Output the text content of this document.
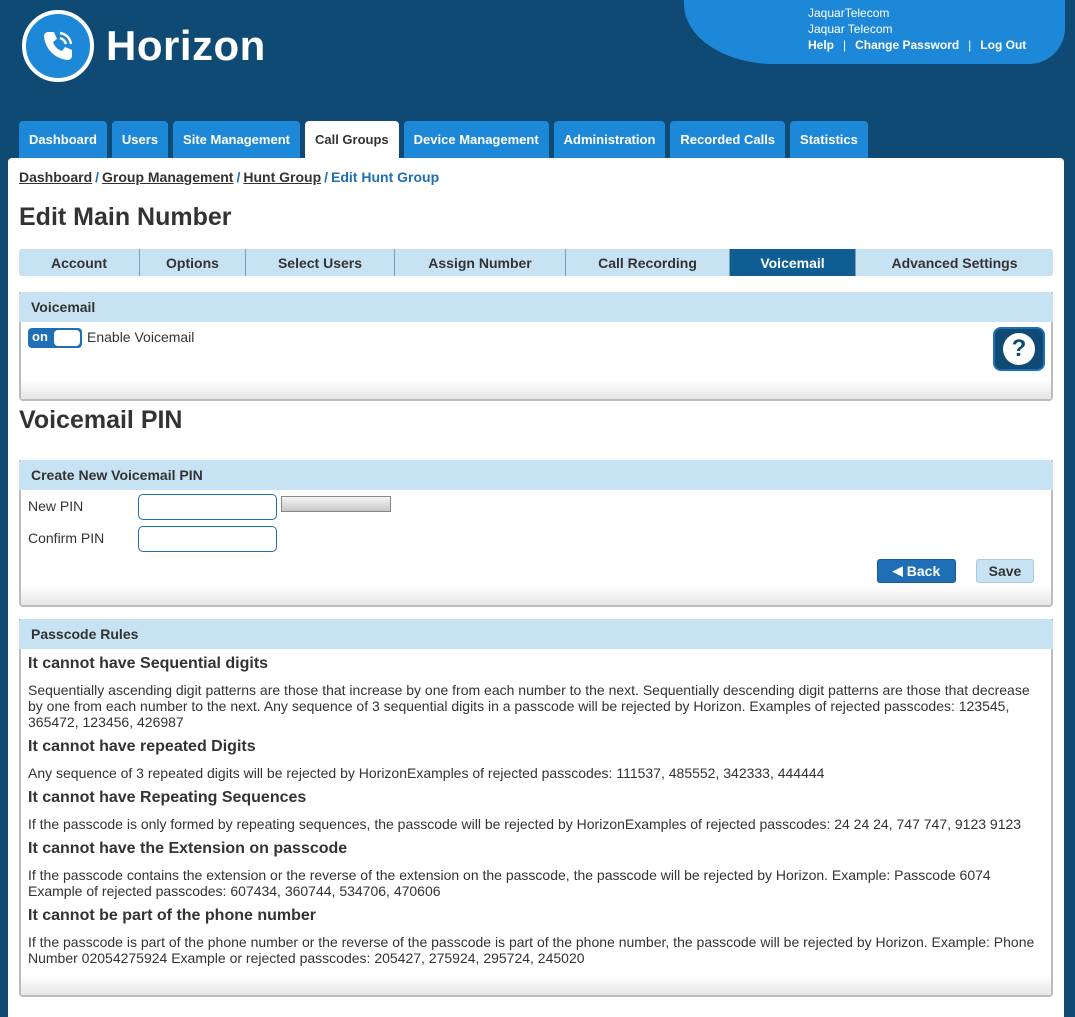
Horizon
JaquarTelecom
Jaquar Telecom
Help | Change Password | Log Out
Dashboard	Users	Site Management	Call Groups	Device Management	Administration	Recorded Calls	Statistics
Dashboard / Group Management / Hunt Group / Edit Hunt Group
Edit Main Number
Account	Options	Select Users	Assign Number	Call Recording	Voicemail	Advanced Settings
Voicemail
on	Enable Voicemail	?
Voicemail PIN
Create New Voicemail PIN
New PIN
Confirm PIN
◀ Back	Save
Passcode Rules
It cannot have Sequential digits
Sequentially ascending digit patterns are those that increase by one from each number to the next. Sequentially descending digit patterns are those that decrease by one from each number to the next. Any sequence of 3 sequential digits in a passcode will be rejected by Horizon. Examples of rejected passcodes: 123545, 365472, 123456, 426987
It cannot have repeated Digits
Any sequence of 3 repeated digits will be rejected by HorizonExamples of rejected passcodes: 111537, 485552, 342333, 444444
It cannot have Repeating Sequences
If the passcode is only formed by repeating sequences, the passcode will be rejected by HorizonExamples of rejected passcodes: 24 24 24, 747 747, 9123 9123
It cannot have the Extension on passcode
If the passcode contains the extension or the reverse of the extension on the passcode, the passcode will be rejected by Horizon. Example: Passcode 6074 Example of rejected passcodes: 607434, 360744, 534706, 470606
It cannot be part of the phone number
If the passcode is part of the phone number or the reverse of the passcode is part of the phone number, the passcode will be rejected by Horizon. Example: Phone Number 02054275924 Example or rejected passcodes: 205427, 275924, 295724, 245020
